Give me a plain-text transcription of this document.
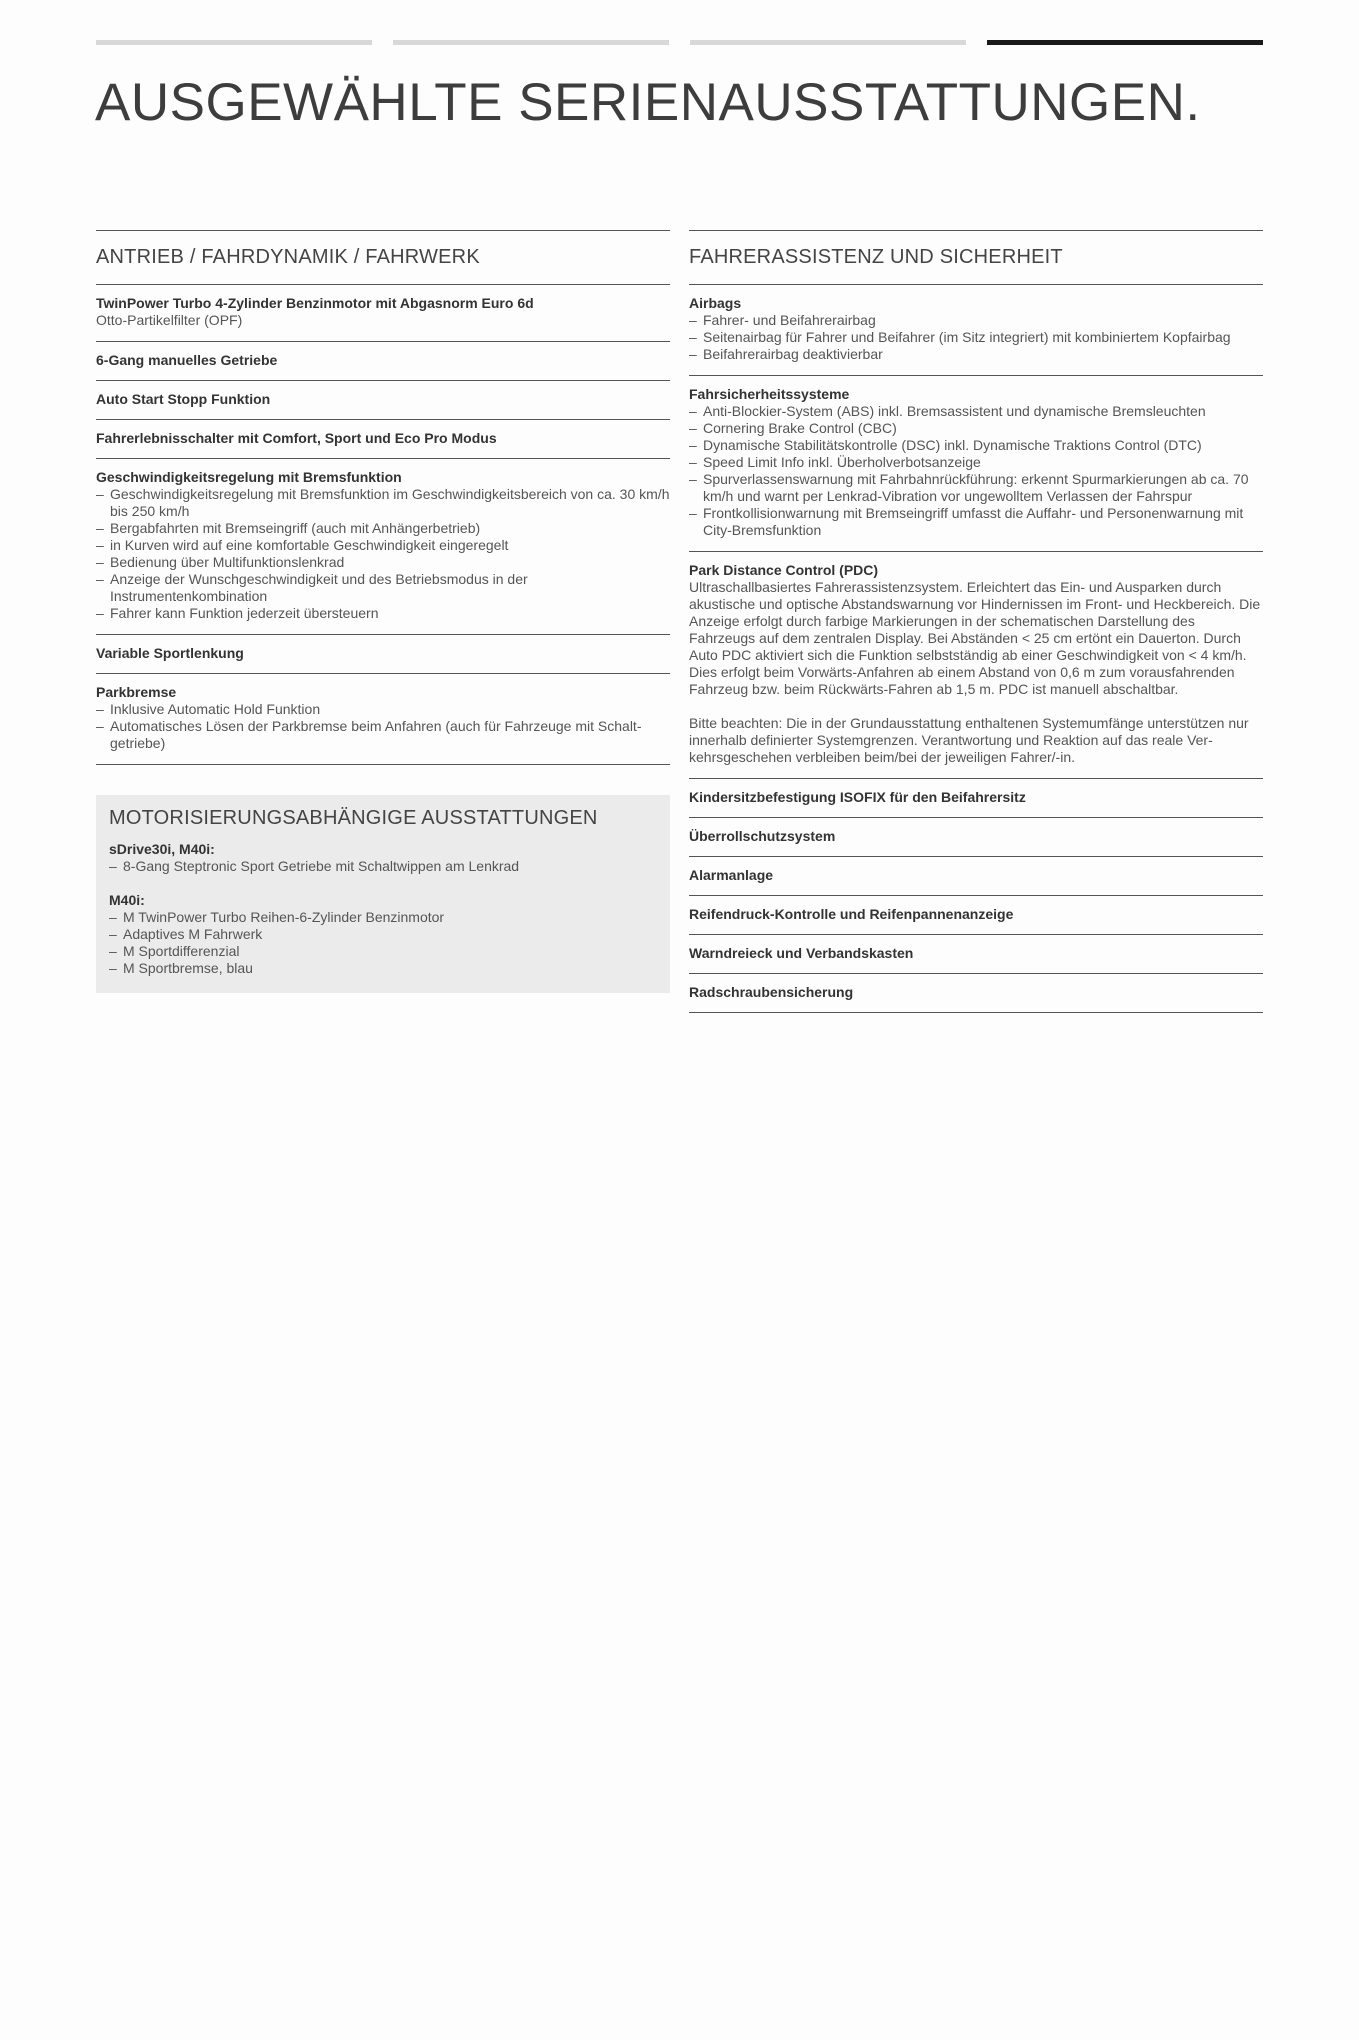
AUSGEWÄHLTE SERIENAUSSTATTUNGEN.
ANTRIEB / FAHRDYNAMIK / FAHRWERK
TwinPower Turbo 4-Zylinder Benzinmotor mit Abgasnorm Euro 6d
Otto-Partikelfilter (OPF)
6-Gang manuelles Getriebe
Auto Start Stopp Funktion
Fahrerlebnisschalter mit Comfort, Sport und Eco Pro Modus
Geschwindigkeitsregelung mit Bremsfunktion
– Geschwindigkeitsregelung mit Bremsfunktion im Geschwindigkeitsbereich von ca. 30 km/h bis 250 km/h
– Bergabfahrten mit Bremseingriff (auch mit Anhängerbetrieb)
– in Kurven wird auf eine komfortable Geschwindigkeit eingeregelt
– Bedienung über Multifunktionslenkrad
– Anzeige der Wunschgeschwindigkeit und des Betriebsmodus in der Instrumentenkombination
– Fahrer kann Funktion jederzeit übersteuern
Variable Sportlenkung
Parkbremse
– Inklusive Automatic Hold Funktion
– Automatisches Lösen der Parkbremse beim Anfahren (auch für Fahrzeuge mit Schalt-getriebe)
MOTORISIERUNGSABHÄNGIGE AUSSTATTUNGEN
sDrive30i, M40i:
– 8-Gang Steptronic Sport Getriebe mit Schaltwippen am Lenkrad
M40i:
– M TwinPower Turbo Reihen-6-Zylinder Benzinmotor
– Adaptives M Fahrwerk
– M Sportdifferenzial
– M Sportbremse, blau
FAHRERASSISTENZ UND SICHERHEIT
Airbags
– Fahrer- und Beifahrerairbag
– Seitenairbag für Fahrer und Beifahrer (im Sitz integriert) mit kombiniertem Kopfairbag
– Beifahrerairbag deaktivierbar
Fahrsicherheitssysteme
– Anti-Blockier-System (ABS) inkl. Bremsassistent und dynamische Bremsleuchten
– Cornering Brake Control (CBC)
– Dynamische Stabilitätskontrolle (DSC) inkl. Dynamische Traktions Control (DTC)
– Speed Limit Info inkl. Überholverbotsanzeige
– Spurverlassenswarnung mit Fahrbahnrückführung: erkennt Spurmarkierungen ab ca. 70 km/h und warnt per Lenkrad-Vibration vor ungewolltem Verlassen der Fahrspur
– Frontkollisionwarnung mit Bremseingriff umfasst die Auffahr- und Personenwarnung mit City-Bremsfunktion
Park Distance Control (PDC)

Ultraschallbasiertes Fahrerassistenzsystem. Erleichtert das Ein- und Ausparken durch akustische und optische Abstandswarnung vor Hindernissen im Front- und Heckbereich. Die Anzeige erfolgt durch farbige Markierungen in der schematischen Darstellung des Fahrzeugs auf dem zentralen Display. Bei Abständen < 25 cm ertönt ein Dauerton. Durch Auto PDC aktiviert sich die Funktion selbstständig ab einer Geschwindigkeit von < 4 km/h. Dies erfolgt beim Vorwärts-Anfahren ab einem Abstand von 0,6 m zum vorausfahrenden Fahrzeug bzw. beim Rückwärts-Fahren ab 1,5 m. PDC ist manuell abschaltbar.

Bitte beachten: Die in der Grundausstattung enthaltenen Systemumfänge unterstützen nur innerhalb definierter Systemgrenzen. Verantwortung und Reaktion auf das reale Ver-kehrsgeschehen verbleiben beim/bei der jeweiligen Fahrer/-in.

Kindersitzbefestigung ISOFIX für den Beifahrersitz
Überrollschutzsystem
Alarmanlage
Reifendruck-Kontrolle und Reifenpannenanzeige
Warndreieck und Verbandskasten
Radschraubensicherung
